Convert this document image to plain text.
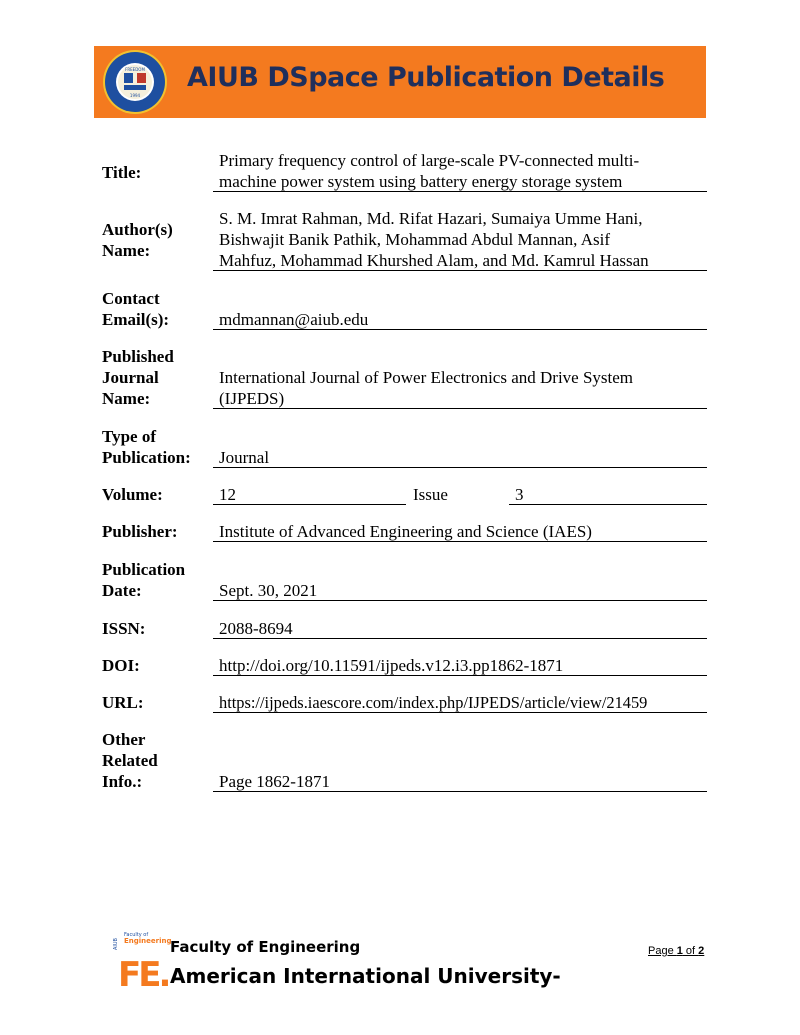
FREEDOM
1994
AIUB DSpace Publication Details
Title:
Primary frequency control of large-scale PV-connected multi-
machine power system using battery energy storage system
Author(s)
Name:
S. M. Imrat Rahman, Md. Rifat Hazari, Sumaiya Umme Hani,
Bishwajit Banik Pathik, Mohammad Abdul Mannan, Asif
Mahfuz, Mohammad Khurshed Alam, and Md. Kamrul Hassan
Contact
Email(s):	mdmannan@aiub.edu
Published
Journal
Name:
International Journal of Power Electronics and Drive System
(IJPEDS)
Type of
Publication: Journal
Volume:	12	Issue	3
Publisher: Institute of Advanced Engineering and Science (IAES)
Publication
Date:	Sept. 30, 2021
ISSN:	2088-8694
DOI:	http://doi.org/10.11591/ijpeds.v12.i3.pp1862-1871
URL:	https://ijpeds.iaescore.com/index.php/IJPEDS/article/view/21459
Other
Related
Info.:	Page 1862-1871
Faculty of
Engineering
AIUB
FE.
Faculty of Engineering
American International University-
Page 1 of 2
